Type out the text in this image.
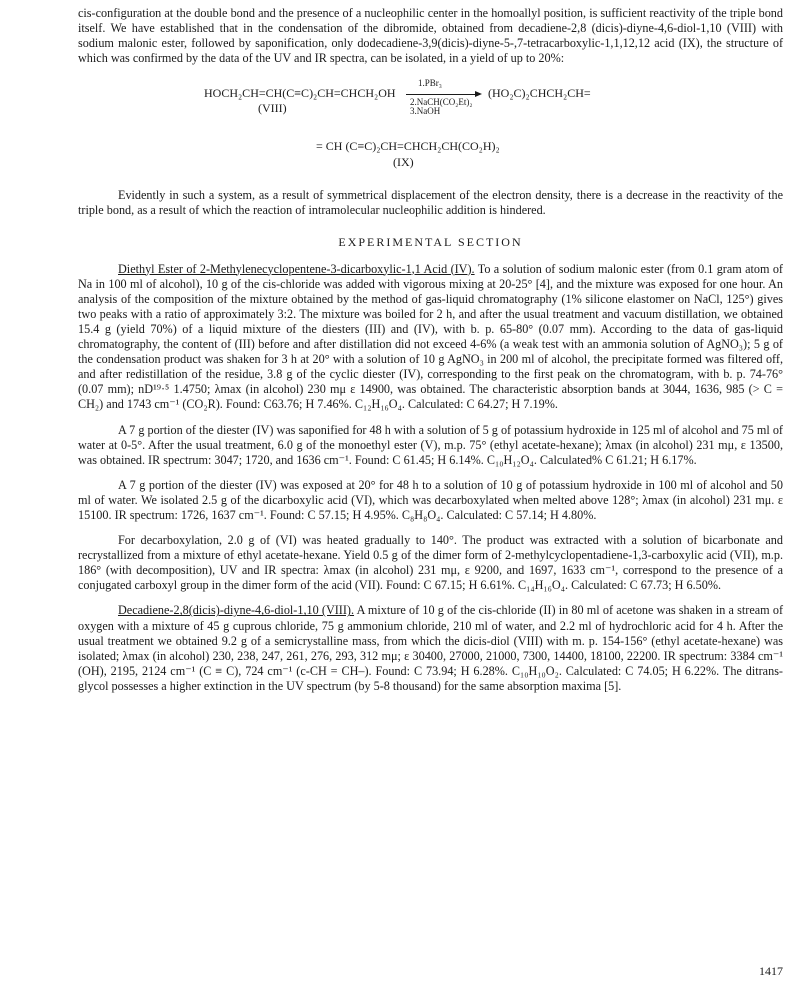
cis-configuration at the double bond and the presence of a nucleophilic center in the homoallyl position, is sufficient reactivity of the triple bond itself. We have established that in the condensation of the dibromide, obtained from decadiene-2,8 (dicis)-diyne-4,6-diol-1,10 (VIII) with sodium malonic ester, followed by saponification, only dodecadiene-3,9(dicis)-diyne-5-,7-tetracarboxylic-1,1,12,12 acid (IX), the structure of which was confirmed by the data of the UV and IR spectra, can be isolated, in a yield of up to 20%:

HOCH₂CH=CH(C≡C)₂CH=CHCH₂OH
(VIII)
1.PBr₃
2.NaCH(CO₂Et)₂
3.NaOH
(HO₂C)₂CHCH₂CH=
= CH (C≡C)₂CH=CHCH₂CH(CO₂H)₂
(IX)

Evidently in such a system, as a result of symmetrical displacement of the electron density, there is a decrease in the reactivity of the triple bond, as a result of which the reaction of intramolecular nucleophilic addition is hindered.

EXPERIMENTAL SECTION

Diethyl Ester of 2-Methylenecyclopentene-3-dicarboxylic-1,1 Acid (IV). To a solution of sodium malonic ester (from 0.1 gram atom of Na in 100 ml of alcohol), 10 g of the cis-chloride was added with vigorous mixing at 20-25° [4], and the mixture was exposed for one hour. An analysis of the composition of the mixture obtained by the method of gas-liquid chromatography (1% silicone elastomer on NaCl, 125°) gives two peaks with a ratio of approximately 3:2. The mixture was boiled for 2 h, and after the usual treatment and vacuum distillation, we obtained 15.4 g (yield 70%) of a liquid mixture of the diesters (III) and (IV), with b. p. 65-80° (0.07 mm). According to the data of gas-liquid chromatography, the content of (III) before and after distillation did not exceed 4-6% (a weak test with an ammonia solution of AgNO₃); 5 g of the condensation product was shaken for 3 h at 20° with a solution of 10 g AgNO₃ in 200 ml of alcohol, the precipitate formed was filtered off, and after redistillation of the residue, 3.8 g of the cyclic diester (IV), corresponding to the first peak on the chromatogram, with b. p. 74-76° (0.07 mm); nD¹⁹·⁵ 1.4750; λmax (in alcohol) 230 mμ ε 14900, was obtained. The characteristic absorption bands at 3044, 1636, 985 (> C = CH₂) and 1743 cm⁻¹ (CO₂R). Found: C63.76; H 7.46%. C₁₂H₁₆O₄. Calculated: C 64.27; H 7.19%.

A 7 g portion of the diester (IV) was saponified for 48 h with a solution of 5 g of potassium hydroxide in 125 ml of alcohol and 75 ml of water at 0-5°. After the usual treatment, 6.0 g of the monoethyl ester (V), m.p. 75° (ethyl acetate-hexane); λmax (in alcohol) 231 mμ, ε 13500, was obtained. IR spectrum: 3047; 1720, and 1636 cm⁻¹. Found: C 61.45; H 6.14%. C₁₀H₁₂O₄. Calculated% C 61.21; H 6.17%.

A 7 g portion of the diester (IV) was exposed at 20° for 48 h to a solution of 10 g of potassium hydroxide in 100 ml of alcohol and 50 ml of water. We isolated 2.5 g of the dicarboxylic acid (VI), which was decarboxylated when melted above 128°; λmax (in alcohol) 231 mμ. ε 15100. IR spectrum: 1726, 1637 cm⁻¹. Found: C 57.15; H 4.95%. C₈H₈O₄. Calculated: C 57.14; H 4.80%.

For decarboxylation, 2.0 g of (VI) was heated gradually to 140°. The product was extracted with a solution of bicarbonate and recrystallized from a mixture of ethyl acetate-hexane. Yield 0.5 g of the dimer form of 2-methylcyclopentadiene-1,3-carboxylic acid (VII), m.p. 186° (with decomposition), UV and IR spectra: λmax (in alcohol) 231 mμ, ε 9200, and 1697, 1633 cm⁻¹, correspond to the presence of a conjugated carboxyl group in the dimer form of the acid (VII). Found: C 67.15; H 6.61%. C₁₄H₁₆O₄. Calculated: C 67.73; H 6.50%.

Decadiene-2,8(dicis)-diyne-4,6-diol-1,10 (VIII). A mixture of 10 g of the cis-chloride (II) in 80 ml of acetone was shaken in a stream of oxygen with a mixture of 45 g cuprous chloride, 75 g ammonium chloride, 210 ml of water, and 2.2 ml of hydrochloric acid for 4 h. After the usual treatment we obtained 9.2 g of a semicrystalline mass, from which the dicis-diol (VIII) with m. p. 154-156° (ethyl acetate-hexane) was isolated; λmax (in alcohol) 230, 238, 247, 261, 276, 293, 312 mμ; ε 30400, 27000, 21000, 7300, 14400, 18100, 22200. IR spectrum: 3384 cm⁻¹ (OH), 2195, 2124 cm⁻¹ (C ≡ C), 724 cm⁻¹ (c-CH = CH–). Found: C 73.94; H 6.28%. C₁₀H₁₀O₂. Calculated: C 74.05; H 6.22%. The ditrans-glycol possesses a higher extinction in the UV spectrum (by 5-8 thousand) for the same absorption maxima [5].

1417
